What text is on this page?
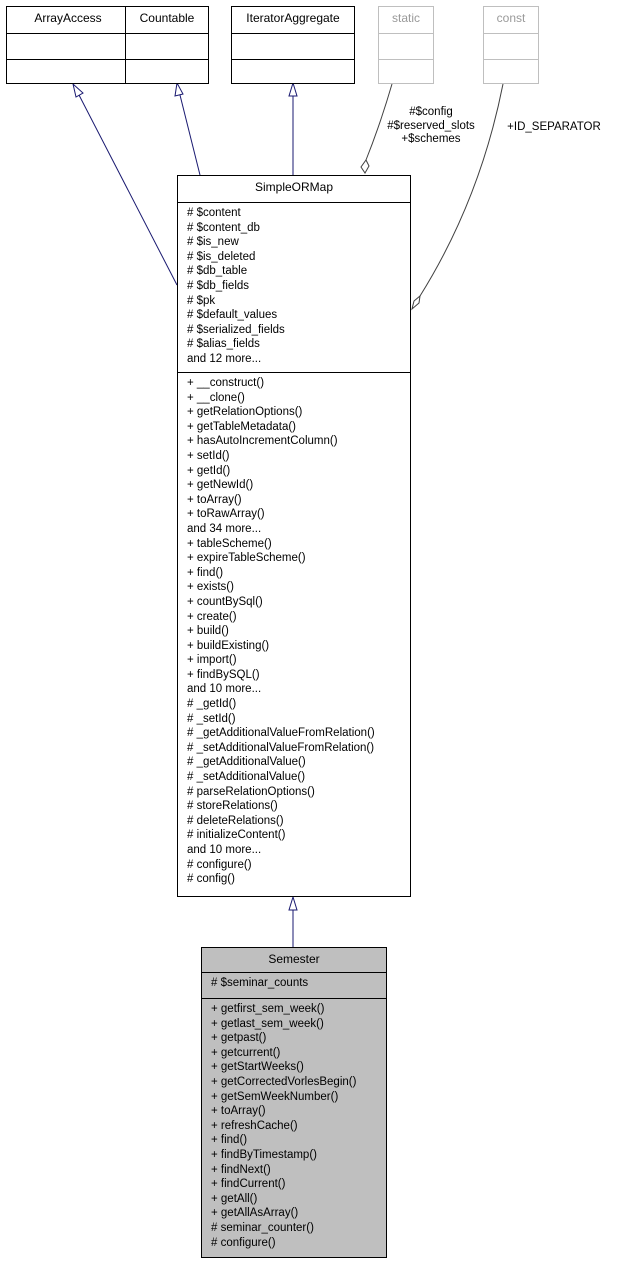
ArrayAccess	Countable	IteratorAggregate	static	const
#$config
#$reserved_slots
+$schemes
+ID_SEPARATOR
SimpleORMap
# $content
# $content_db
# $is_new
# $is_deleted
# $db_table
# $db_fields
# $pk
# $default_values
# $serialized_fields
# $alias_fields
and 12 more...
+ __construct()
+ __clone()
+ getRelationOptions()
+ getTableMetadata()
+ hasAutoIncrementColumn()
+ setId()
+ getId()
+ getNewId()
+ toArray()
+ toRawArray()
and 34 more...
+ tableScheme()
+ expireTableScheme()
+ find()
+ exists()
+ countBySql()
+ create()
+ build()
+ buildExisting()
+ import()
+ findBySQL()
and 10 more...
# _getId()
# _setId()
# _getAdditionalValueFromRelation()
# _setAdditionalValueFromRelation()
# _getAdditionalValue()
# _setAdditionalValue()
# parseRelationOptions()
# storeRelations()
# deleteRelations()
# initializeContent()
and 10 more...
# configure()
# config()
Semester
# $seminar_counts
+ getfirst_sem_week()
+ getlast_sem_week()
+ getpast()
+ getcurrent()
+ getStartWeeks()
+ getCorrectedVorlesBegin()
+ getSemWeekNumber()
+ toArray()
+ refreshCache()
+ find()
+ findByTimestamp()
+ findNext()
+ findCurrent()
+ getAll()
+ getAllAsArray()
# seminar_counter()
# configure()
